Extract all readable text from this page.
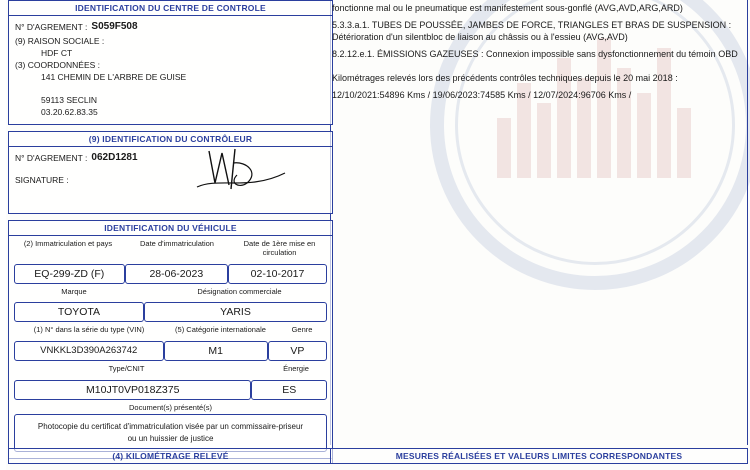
IDENTIFICATION DU CENTRE DE CONTROLE
N° D'AGREMENT : S059F508
(9) RAISON SOCIALE :
HDF CT
(3) COORDONNÉES :
141 CHEMIN DE L'ARBRE DE GUISE
59113 SECLIN
03.20.62.83.35
(9) IDENTIFICATION DU CONTRÔLEUR
N° D'AGREMENT : 062D1281
SIGNATURE :
IDENTIFICATION DU VÉHICULE
(2) Immatriculation et pays	Date d'immatriculation	Date de 1ère mise en circulation
EQ-299-ZD (F)	28-06-2023	02-10-2017
Marque	Désignation commerciale
TOYOTA	YARIS
(1) N° dans la série du type (VIN)	(5) Catégorie internationale	Genre
VNKKL3D390A263742	M1	VP
Type/CNIT	Énergie
M10JT0VP018Z375	ES
Document(s) présenté(s)
Photocopie du certificat d'immatriculation visée par un commissaire-priseur
ou un huissier de justice
(4) KILOMÉTRAGE RELEVÉ

fonctionne mal ou le pneumatique est manifestement sous-gonflé (AVG,AVD,ARG,ARD)

5.3.3.a.1. TUBES DE POUSSÉE, JAMBES DE FORCE, TRIANGLES ET BRAS DE SUSPENSION : Détérioration d'un silentbloc de liaison au châssis ou à l'essieu (AVG,AVD)

8.2.12.e.1. ÉMISSIONS GAZEUSES : Connexion impossible sans dysfonctionnement du témoin OBD

Kilométrages relevés lors des précédents contrôles techniques depuis le 20 mai 2018 :

12/10/2021:54896 Kms / 19/06/2023:74585 Kms / 12/07/2024:96706 Kms /

MESURES RÉALISÉES ET VALEURS LIMITES CORRESPONDANTES
